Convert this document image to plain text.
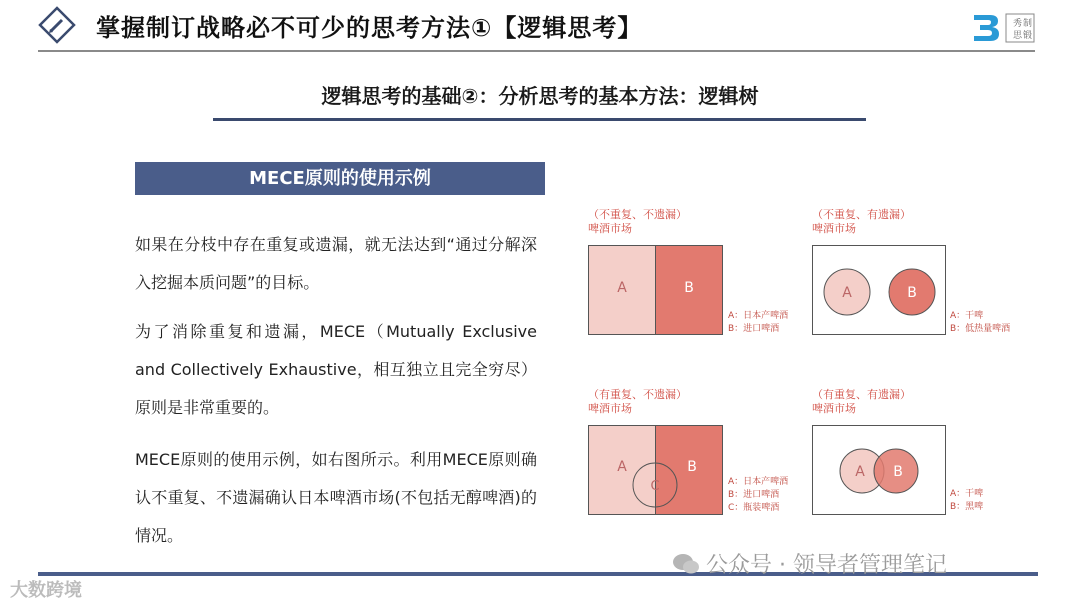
掌握制订战略必不可少的思考方法①【逻辑思考】	秀 制
思 锻
逻辑思考的基础②：分析思考的基本方法：逻辑树
MECE原则的使用示例
如果在分枝中存在重复或遗漏，就无法达到“通过分解深入挖掘本质问题”的目标。
为了消除重复和遗漏，MECE（Mutually Exclusive and Collectively Exhaustive，相互独立且完全穷尽）原则是非常重要的。
MECE原则的使用示例，如右图所示。利用MECE原则确认不重复、不遗漏确认日本啤酒市场(不包括无醇啤酒)的情况。
（不重复、不遗漏）
啤酒市场
A	B
A：日本产啤酒
B：进口啤酒
（不重复、有遗漏）
啤酒市场
A	B
A：干啤
B：低热量啤酒
（有重复、不遗漏）
啤酒市场
A	B
C	A：日本产啤酒
B：进口啤酒
C：瓶装啤酒
（有重复、有遗漏）
啤酒市场
A B
A：干啤
B：黑啤
公众号 · 领导者管理笔记
大数跨境
